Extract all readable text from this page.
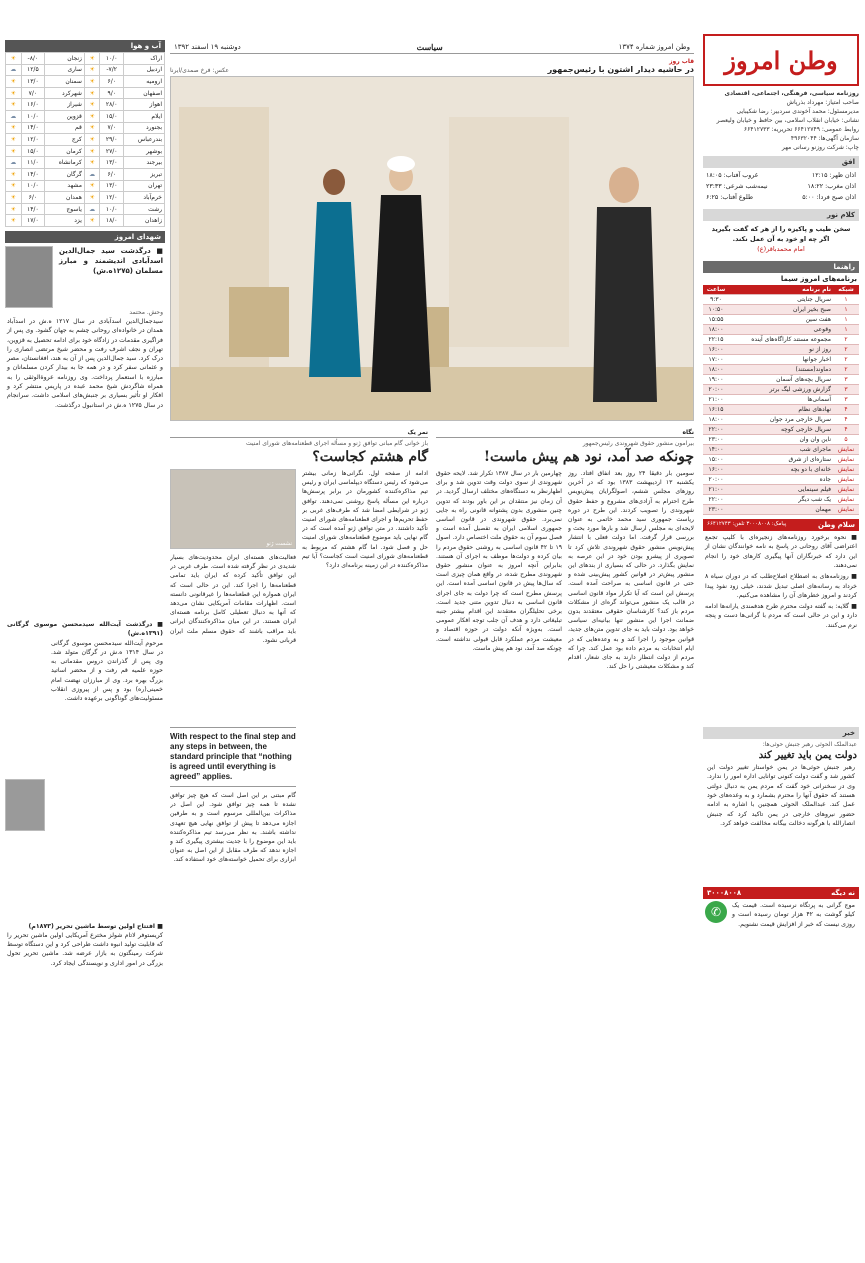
وطن امروز شماره ۱۳۷۴
سیاست
دوشنبه ۱۹ اسفند ۱۳۹۲	وطن امروز
روزنامه سیاسی، فرهنگی، اجتماعی، اقتصادی
صاحب امتیاز: مهرداد بذرپاش
مدیرمسئول: محمد آخوندی سردبیر: رضا شکیبایی
نشانی: خیابان انقلاب اسلامی، بین حافظ و خیابان ولیعصر
روابط عمومی: ۶۶۴۱۲۷۴۹ تحریریه: ۶۶۴۱۲۷۳۳
سازمان آگهی‌ها: ۴۹۶۳۲۰۴۴
چاپ: شرکت روزنو رسانی مهر
افق
اذان ظهر: ۱۲:۱۵
غروب آفتاب: ۱۸:۰۵
اذان مغرب: ۱۸:۲۲
نیمه‌شب شرعی: ۲۳:۳۳
اذان صبح فردا: ۵:۰۰
طلوع آفتاب: ۶:۲۵
کلام نور
سخن طیب و پاکیزه را از هر که گفت بگیرید اگر چه او خود به آن عمل نکند.
امام محمدباقر(ع)
راهنما
برنامه‌های امروز سیما
شبکه	نام برنامه	ساعت
۱	سریال جنایتی	۹:۳۰
۱	صبح بخیر ایران	۱۰:۵۰
۱	هفت سین	۱۵:۵۵
۱	وقوعی	۱۸:۰۰
۲	مجموعه مستند کاراگاه‌های آینده	۲۲:۱۵
۲	روز از نو	۱۶:۰۰
۲	اخبار جوانها	۱۷:۰۰
۲	دماوند(مستند)	۱۸:۰۰
۳	سریال بچه‌های آسمان	۱۹:۰۰
۳	گزارش ورزشی لیگ برتر	۲۰:۰۰
۳	آسمانی‌ها	۲۱:۰۰
۴	نهادهای نظام	۱۶:۱۵
۴	سریال خارجی مرد جوان	۱۸:۰۰
۴	سریال خارجی کوچه	۲۲:۰۰
۵	ناین وان وان	۲۳:۰۰
نمایش	ماجرای شب	۱۴:۰۰
نمایش	ستاره‌ای از شرق	۱۵:۰۰
نمایش	خانه‌ای با دو بچه	۱۶:۰۰
نمایش	جاده	۲۰:۰۰
نمایش	فیلم سینمایی	۲۱:۰۰
نمایش	یک شب دیگر	۲۲:۰۰
نمایش	مهمان	۲۳:۰۰
سلام وطن
پیامک: ۳۰۰۰۸۰۰۸ تلفن: ۶۶۴۱۲۷۴۳

■ نحوه برخورد روزنامه‌های زنجیره‌ای با کلیپ تجمع اعتراضی آقای روحانی در پاسخ به نامه خوانندگان نشان از این دارد که خبرنگاران آنها پیگیری کارهای خود را انجام نمی‌دهند.

■ روزنامه‌های به اصطلاح اصلاح‌طلب که در دوران سیاه ۸ خرداد به رسانه‌های اصلی تبدیل شدند، خیلی زود نفوذ پیدا کردند و امروز خطرهای آن را مشاهده می‌کنیم.

■ گلایه: به گفته دولت محترم طرح هدفمندی یارانه‌ها ادامه دارد و این در حالی است که مردم با گرانی‌ها دست و پنجه نرم می‌کنند.

خبر
عبدالملک الحوثی رهبر جنبش حوثی‌ها:
دولت یمن باید تغییر کند
رهبر جنبش حوثی‌ها در یمن خواستار تغییر دولت این کشور شد و گفت دولت کنونی توانایی اداره امور را ندارد. وی در سخنرانی خود گفت که مردم یمن به دنبال دولتی هستند که حقوق آنها را محترم بشمارد و به وعده‌های خود عمل کند. عبدالملک الحوثی همچنین با اشاره به ادامه حضور نیروهای خارجی در یمن تاکید کرد که جنبش انصارالله با هرگونه دخالت بیگانه مخالفت خواهد کرد.
نه دیگه
۳۰۰۰۸۰۰۸
موج گرانی به پرتگاه نرسیده است. قیمت یک کیلو گوشت به ۴۲ هزار تومان رسیده است و روزی نیست که خبر از افزایش قیمت نشنویم.
✆
آب و هوا
اراک	۱۰/۰	☀	زنجان	۸/۰-	☀
اردبیل	۷/۲-	☀	ساری	۱۲/۵	☁
ارومیه	۶/۰	☀	سمنان	۱۳/۰	☀
اصفهان	۹/۰	☀	شهرکرد	۷/۰	☀
اهواز	۲۸/۰	☀	شیراز	۱۶/۰	☀
ایلام	۱۵/۰	☀	قزوین	۱۰/۰	☁
بجنورد	۷/۰	☀	قم	۱۴/۰	☀
بندرعباس	۲۹/۰	☀	کرج	۱۲/۰	☀
بوشهر	۲۷/۰	☀	کرمان	۱۵/۰	☀
بیرجند	۱۳/۰	☀	کرمانشاه	۱۱/۰	☁
تبریز	۶/۰	☁	گرگان	۱۴/۰	☀
تهران	۱۳/۰	☀	مشهد	۱۰/۰	☀
خرم‌آباد	۱۲/۰	☀	همدان	۶/۰	☀
رشت	۱۰/۰	☁	یاسوج	۱۴/۰	☀
زاهدان	۱۸/۰	☀	یزد	۱۷/۰	☀
شهدای امروز
■ درگذشت سید جمال‌الدین اسدآبادی اندیشمند و مبارز مسلمان (۱۲۷۵ه.ش)
وحش. محتمد
سیدجمال‌الدین اسدآبادی در سال ۱۲۱۷ ه.ش در اسدآباد همدان در خانواده‌ای روحانی چشم به جهان گشود. وی پس از فراگیری مقدمات در زادگاه خود برای ادامه تحصیل به قزوین، تهران و نجف اشرف رفت و محضر شیخ مرتضی انصاری را درک کرد. سید جمال‌الدین پس از آن به هند، افغانستان، مصر و عثمانی سفر کرد و در همه جا به بیدار کردن مسلمانان و مبارزه با استعمار پرداخت. وی روزنامه عروة‌الوثقی را به همراه شاگردش شیخ محمد عبده در پاریس منتشر کرد و افکار او تأثیر بسیاری بر جنبش‌های اسلامی داشت. سرانجام در سال ۱۲۷۵ ه.ش در استانبول درگذشت.
■ درگذشت آیت‌الله سیدمحسن موسوی گرگانی (۱۳۹۱ه.ش)
مرحوم آیت‌الله سیدمحسن موسوی گرگانی در سال ۱۳۱۴ ه.ش در گرگان متولد شد. وی پس از گذراندن دروس مقدماتی به حوزه علمیه قم رفت و از محضر اساتید بزرگ بهره برد. وی از مبارزان نهضت امام خمینی(ره) بود و پس از پیروزی انقلاب مسئولیت‌های گوناگونی برعهده داشت.
■ افتتاح اولین توسط ماشین تحریر (۱۸۷۳م)
کریستوفر لاتام شولز مخترع آمریکایی اولین ماشین تحریر را که قابلیت تولید انبوه داشت طراحی کرد و این دستگاه توسط شرکت رمینگتون به بازار عرضه شد. ماشین تحریر تحول بزرگی در امور اداری و نویسندگی ایجاد کرد.
قاب روز
در حاشیه دیدار اشتون با رئیس‌جمهور
عکس: فرخ صمدی/ایرنا
نگاه
بیرامون منشور حقوق شهروندی رئیس‌جمهور
چونکه صد آمد، نود هم پیش ماست!
سومین بار دقیقا ۲۴ روز بعد انفاق افتاد. روز یکشنبه ۱۳ اردیبهشت ۱۳۸۳ بود که در آخرین روزهای مجلس ششم، اصولگرایان پیش‌نویس طرح احترام به آزادی‌های مشروع و حفظ حقوق شهروندی را تصویب کردند. این طرح در دوره ریاست جمهوری سید محمد خاتمی به عنوان لایحه‌ای به مجلس ارسال شد و بارها مورد بحث و بررسی قرار گرفت. اما دولت فعلی با انتشار پیش‌نویس منشور حقوق شهروندی تلاش کرد تا تصویری از پیشرو بودن خود در این عرصه به نمایش بگذارد. در حالی که بسیاری از بندهای این منشور پیش‌تر در قوانین کشور پیش‌بینی شده و حتی در قانون اساسی به صراحت آمده است. پرسش این است که آیا تکرار مواد قانون اساسی در قالب یک منشور می‌تواند گره‌ای از مشکلات مردم باز کند؟ کارشناسان حقوقی معتقدند بدون ضمانت اجرا این منشور تنها بیانیه‌ای سیاسی خواهد بود. دولت باید به جای تدوین متن‌های جدید، قوانین موجود را اجرا کند و به وعده‌هایی که در ایام انتخابات به مردم داده بود عمل کند. چرا که مردم از دولت انتظار دارند به جای شعار، اقدام کند و مشکلات معیشتی را حل کند.
چهارمین بار در سال ۱۳۸۷ تکرار شد. لایحه حقوق شهروندی از سوی دولت وقت تدوین شد و برای اظهارنظر به دستگاه‌های مختلف ارسال گردید. در آن زمان نیز منتقدان بر این باور بودند که تدوین چنین منشوری بدون پشتوانه قانونی راه به جایی نمی‌برد. حقوق شهروندی در قانون اساسی جمهوری اسلامی ایران به تفصیل آمده است و فصل سوم آن به حقوق ملت اختصاص دارد. اصول ۱۹ تا ۴۲ قانون اساسی به روشنی حقوق مردم را بیان کرده و دولت‌ها موظف به اجرای آن هستند. بنابراین آنچه امروز به عنوان منشور حقوق شهروندی مطرح شده، در واقع همان چیزی است که سال‌ها پیش در قانون اساسی آمده است. این پرسش مطرح است که چرا دولت به جای اجرای قانون اساسی به دنبال تدوین متنی جدید است. برخی تحلیلگران معتقدند این اقدام بیشتر جنبه تبلیغاتی دارد و هدف آن جلب توجه افکار عمومی است. به‌ویژه آنکه دولت در حوزه اقتصاد و معیشت مردم عملکرد قابل قبولی نداشته است. چونکه صد آمد، نود هم پیش ماست.
نمر یک
باز خوانی گام مبانی توافق ژنو و مسأله اجرای قطعنامه‌های شورای امنیت
گام هشتم کجاست؟
ادامه از صفحه اول. نگرانی‌ها زمانی بیشتر می‌شود که رئیس دستگاه دیپلماسی ایران و رئیس تیم مذاکره‌کننده کشورمان در برابر پرسش‌ها درباره این مسأله پاسخ روشنی نمی‌دهند. توافق ژنو در شرایطی امضا شد که طرف‌های غربی بر حفظ تحریم‌ها و اجرای قطعنامه‌های شورای امنیت تأکید داشتند. در متن توافق ژنو آمده است که در گام نهایی باید موضوع قطعنامه‌های شورای امنیت حل و فصل شود. اما گام هشتم که مربوط به قطعنامه‌های شورای امنیت است کجاست؟ آیا تیم مذاکره‌کننده در این زمینه برنامه‌ای دارد؟
نشست ژنو
فعالیت‌های هسته‌ای ایران محدودیت‌های بسیار شدیدی در نظر گرفته شده است. طرف غربی در این توافق تأکید کرده که ایران باید تمامی قطعنامه‌ها را اجرا کند. این در حالی است که ایران همواره این قطعنامه‌ها را غیرقانونی دانسته است. اظهارات مقامات آمریکایی نشان می‌دهد که آنها به دنبال تعطیلی کامل برنامه هسته‌ای ایران هستند. در این میان مذاکره‌کنندگان ایرانی باید مراقب باشند که حقوق مسلم ملت ایران قربانی نشود.
With respect to the final step and any steps in between, the standard principle that “nothing is agreed until everything is agreed” applies.
گام مبتنی بر این اصل است که هیچ چیز توافق نشده تا همه چیز توافق شود. این اصل در مذاکرات بین‌المللی مرسوم است و به طرفین اجازه می‌دهد تا پیش از توافق نهایی هیچ تعهدی نداشته باشند. به نظر می‌رسد تیم مذاکره‌کننده باید این موضوع را با جدیت بیشتری پیگیری کند و اجازه ندهد که طرف مقابل از این اصل به عنوان ابزاری برای تحمیل خواسته‌های خود استفاده کند.
